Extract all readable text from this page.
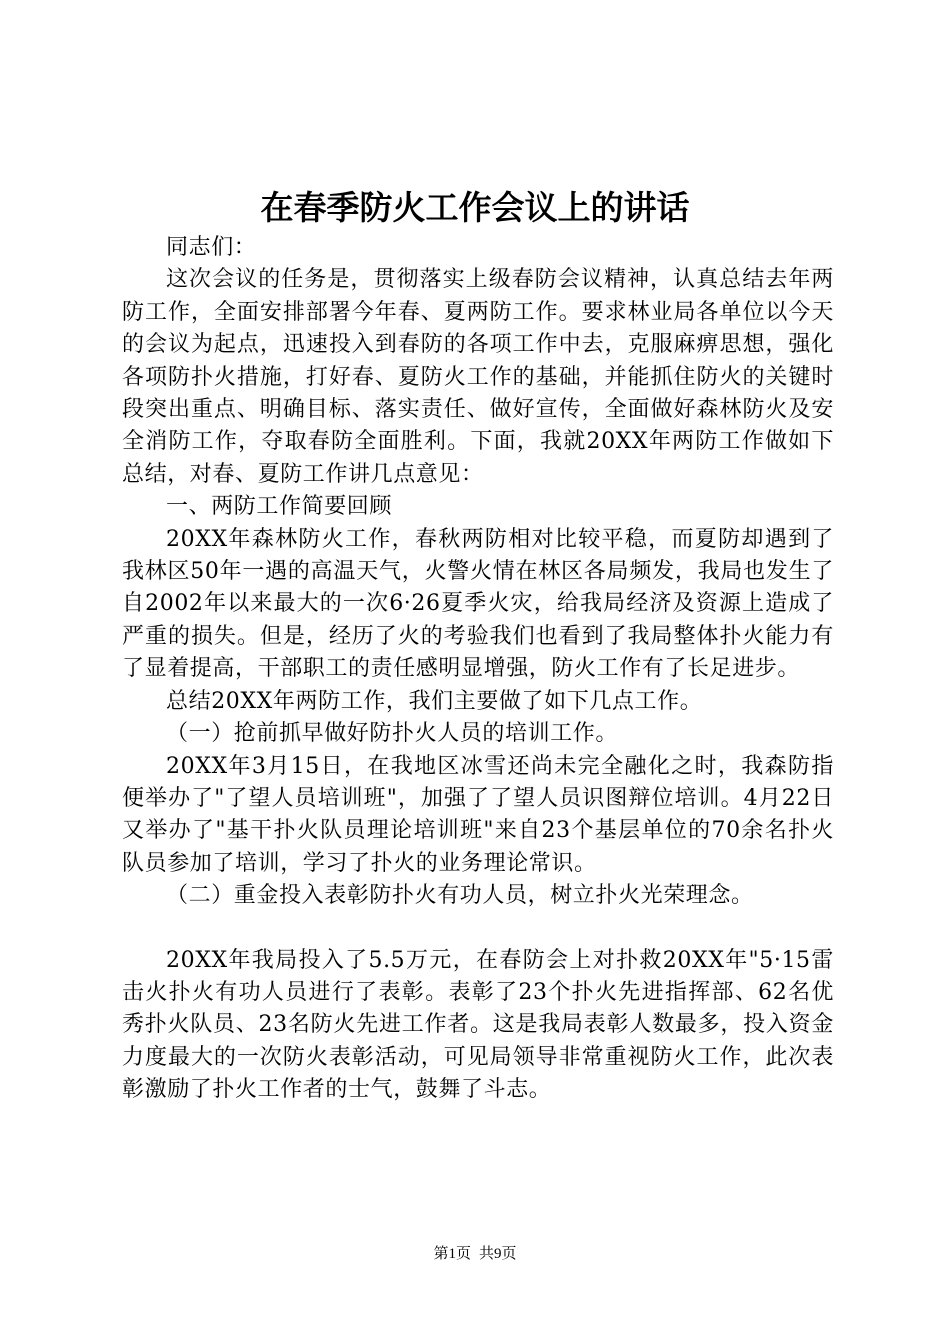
在春季防火工作会议上的讲话

同志们：

这次会议的任务是，贯彻落实上级春防会议精神，认真总结去年两防工作，全面安排部署今年春、夏两防工作。要求林业局各单位以今天的会议为起点，迅速投入到春防的各项工作中去，克服麻痹思想，强化各项防扑火措施，打好春、夏防火工作的基础，并能抓住防火的关键时段突出重点、明确目标、落实责任、做好宣传，全面做好森林防火及安全消防工作，夺取春防全面胜利。下面，我就20XX年两防工作做如下总结，对春、夏防工作讲几点意见：

一、两防工作简要回顾

20XX年森林防火工作，春秋两防相对比较平稳，而夏防却遇到了我林区50年一遇的高温天气，火警火情在林区各局频发，我局也发生了自2002年以来最大的一次6·26夏季火灾，给我局经济及资源上造成了严重的损失。但是，经历了火的考验我们也看到了我局整体扑火能力有了显着提高，干部职工的责任感明显增强，防火工作有了长足进步。

总结20XX年两防工作，我们主要做了如下几点工作。

（一）抢前抓早做好防扑火人员的培训工作。

20XX年3月15日，在我地区冰雪还尚未完全融化之时，我森防指便举办了"了望人员培训班"，加强了了望人员识图辩位培训。4月22日又举办了"基干扑火队员理论培训班"来自23个基层单位的70余名扑火队员参加了培训，学习了扑火的业务理论常识。

（二）重金投入表彰防扑火有功人员，树立扑火光荣理念。

20XX年我局投入了5.5万元，在春防会上对扑救20XX年"5·15雷击火扑火有功人员进行了表彰。表彰了23个扑火先进指挥部、62名优秀扑火队员、23名防火先进工作者。这是我局表彰人数最多，投入资金力度最大的一次防火表彰活动，可见局领导非常重视防火工作，此次表彰激励了扑火工作者的士气，鼓舞了斗志。

第1页 共9页
